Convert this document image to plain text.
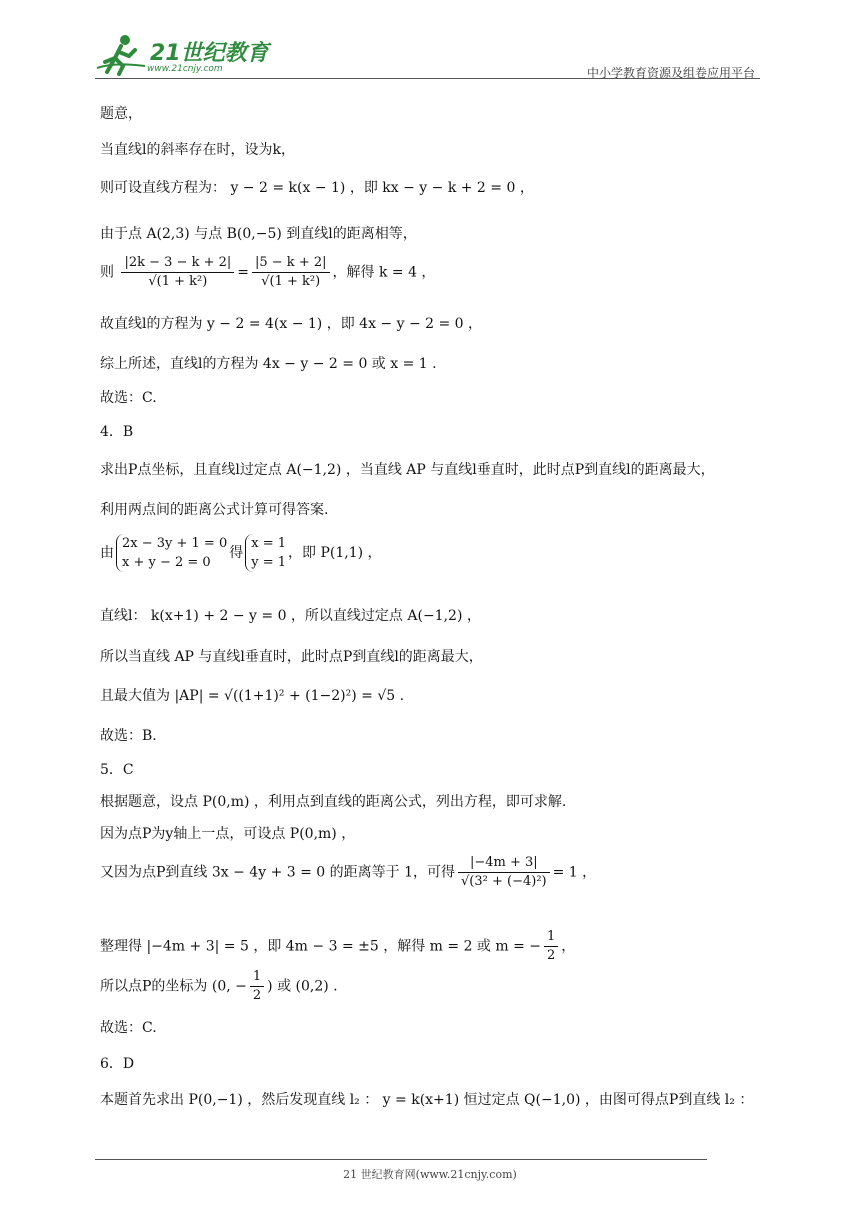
21世纪教育
www.21cnjy.com	中小学教育资源及组卷应用平台
题意，
当直线l的斜率存在时，设为k，
则可设直线方程为： y − 2 = k(x − 1) ，即 kx − y − k + 2 = 0 ，
由于点 A(2,3) 与点 B(0,−5) 到直线l的距离相等，
则 $\frac{|2k - 3 - k + 2|}{\text{√(1 + k²)}} = \frac{|5 - k + 2|}{\text{√(1 + k²)}}$ ，解得 k = 4 ，
故直线l的方程为 y − 2 = 4(x − 1) ，即 4x − y − 2 = 0 ，
综上所述，直线l的方程为 4x − y − 2 = 0 或 x = 1 .
故选：C.
4．B
求出P点坐标，且直线l过定点 A(−1,2) ，当直线 AP 与直线l垂直时，此时点P到直线l的距离最大，
利用两点间的距离公式计算可得答案.
由
2x − 3y + 1 = 0
x + y − 2 = 0
得
x = 1
y = 1
，即 P(1,1) ，
直线l： k(x+1) + 2 − y = 0 ，所以直线过定点 A(−1,2) ，
所以当直线 AP 与直线l垂直时，此时点P到直线l的距离最大，
且最大值为 |AP| = √((1+1)² + (1−2)²) = √5 .
故选：B.
5．C
根据题意，设点 P(0,m) ，利用点到直线的距离公式，列出方程，即可求解.
因为点P为y轴上一点，可设点 P(0,m) ，
又因为点P到直线 3x − 4y + 3 = 0 的距离等于 1，可得 $\frac{|-4m + 3|}{\text{√(3² + (−4)²)}} = 1$ ，
整理得 |−4m + 3| = 5 ，即 4m − 3 = ±5 ，解得 m = 2 或 m = − $\frac{1}{2}$ ，
所以点P的坐标为 (0, − $\frac{1}{2}$ ) 或 (0,2) .
故选：C.
6．D
本题首先求出 P(0,−1) ，然后发现直线 l₂ ： y = k(x+1) 恒过定点 Q(−1,0) ，由图可得点P到直线 l₂ ：
21 世纪教育网(www.21cnjy.com)
